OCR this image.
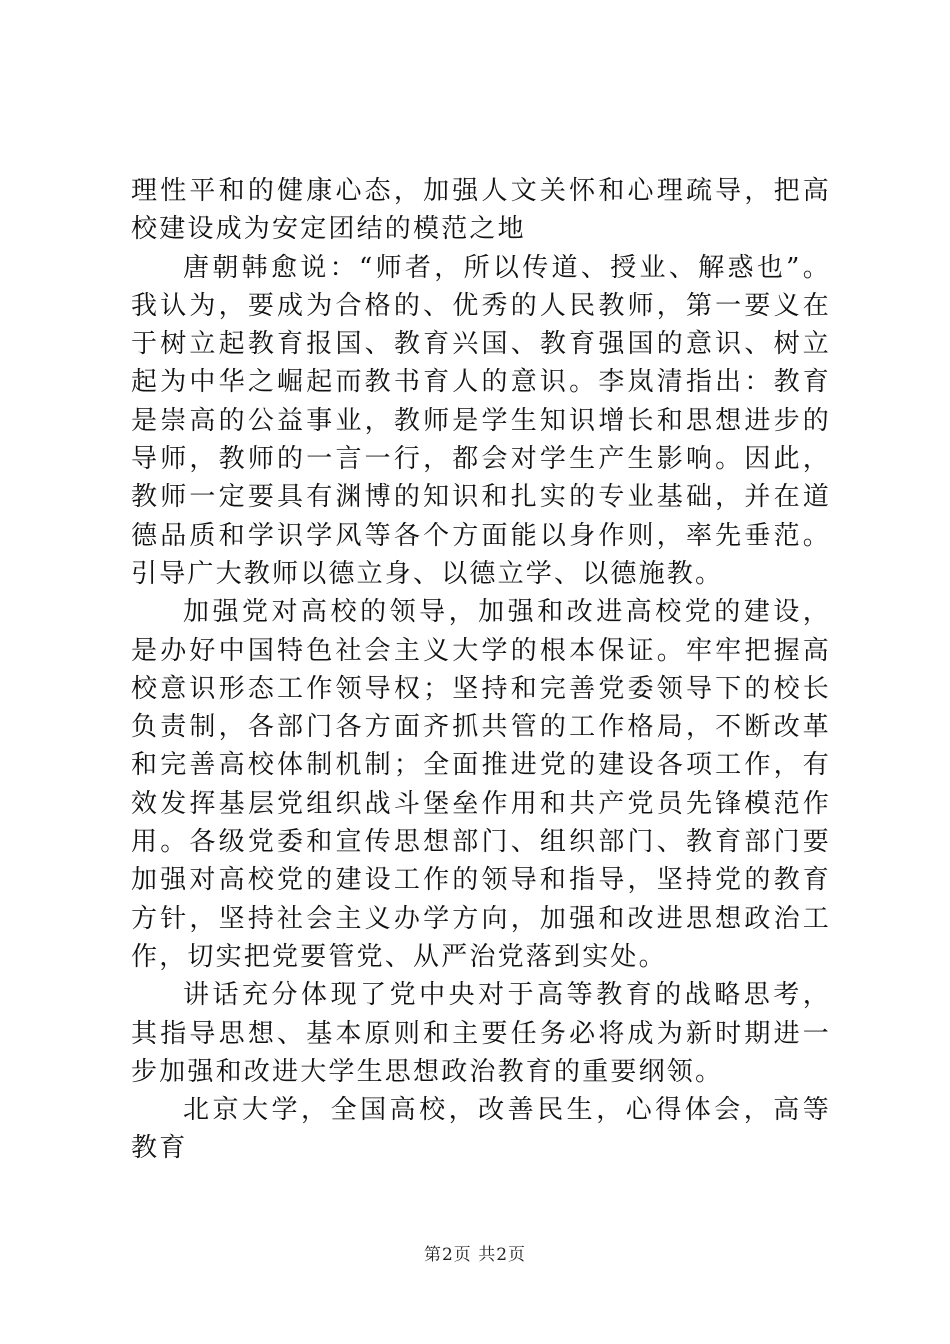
理性平和的健康心态，加强人文关怀和心理疏导，把高校建设成为安定团结的模范之地

唐朝韩愈说：“师者，所以传道、授业、解惑也”。我认为，要成为合格的、优秀的人民教师，第一要义在于树立起教育报国、教育兴国、教育强国的意识、树立起为中华之崛起而教书育人的意识。李岚清指出：教育是崇高的公益事业，教师是学生知识增长和思想进步的导师，教师的一言一行，都会对学生产生影响。因此，教师一定要具有渊博的知识和扎实的专业基础，并在道德品质和学识学风等各个方面能以身作则，率先垂范。引导广大教师以德立身、以德立学、以德施教。

加强党对高校的领导，加强和改进高校党的建设，是办好中国特色社会主义大学的根本保证。牢牢把握高校意识形态工作领导权；坚持和完善党委领导下的校长负责制，各部门各方面齐抓共管的工作格局，不断改革和完善高校体制机制；全面推进党的建设各项工作，有效发挥基层党组织战斗堡垒作用和共产党员先锋模范作用。各级党委和宣传思想部门、组织部门、教育部门要加强对高校党的建设工作的领导和指导，坚持党的教育方针，坚持社会主义办学方向，加强和改进思想政治工作，切实把党要管党、从严治党落到实处。

讲话充分体现了党中央对于高等教育的战略思考，其指导思想、基本原则和主要任务必将成为新时期进一步加强和改进大学生思想政治教育的重要纲领。

北京大学，全国高校，改善民生，心得体会，高等教育

第2页 共2页
